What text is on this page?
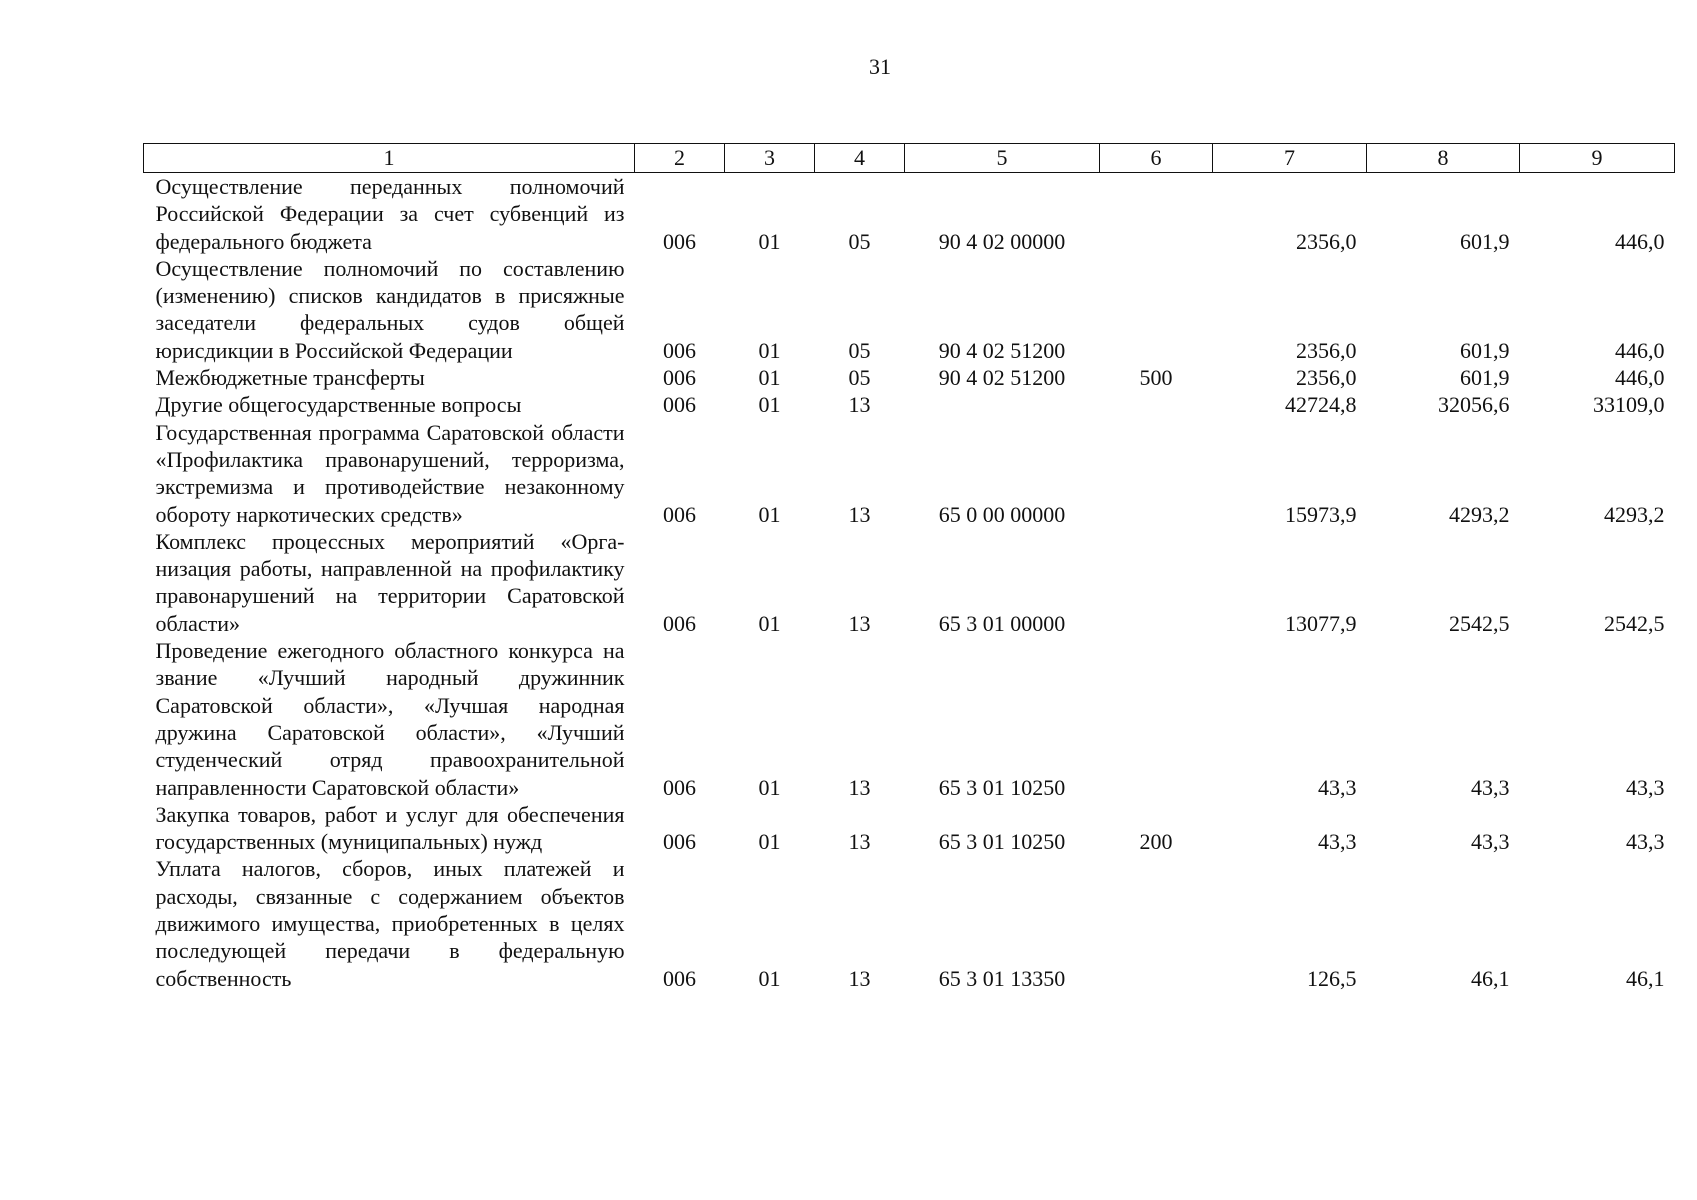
31
1	2	3	4	5	6	7	8	9
Осуществление переданных полномочий Российской Федерации за счет субвенций из федерального бюджета	006	01	05	90 4 02 00000		2356,0	601,9	446,0
Осуществление полномочий по составлению (изменению) списков кандидатов в присяжные заседатели федеральных судов общей юрисдикции в Российской Федерации	006	01	05	90 4 02 51200		2356,0	601,9	446,0
Межбюджетные трансферты	006	01	05	90 4 02 51200	500	2356,0	601,9	446,0
Другие общегосударственные вопросы	006	01	13			42724,8	32056,6	33109,0
Государственная программа Саратовской области «Профилактика правонарушений, терроризма, экстремизма и противодействие незаконному обороту наркотических средств»	006	01	13	65 0 00 00000		15973,9	4293,2	4293,2
Комплекс процессных мероприятий «Организация работы, направленной на профилактику правонарушений на территории Саратовской области»	006	01	13	65 3 01 00000		13077,9	2542,5	2542,5
Проведение ежегодного областного конкурса на звание «Лучший народный дружинник Саратовской области», «Лучшая народная дружина Саратовской области», «Лучший студенческий отряд правоохранительной направленности Саратовской области»	006	01	13	65 3 01 10250		43,3	43,3	43,3
Закупка товаров, работ и услуг для обеспечения государственных (муниципальных) нужд	006	01	13	65 3 01 10250	200	43,3	43,3	43,3
Уплата налогов, сборов, иных платежей и расходы, связанные с содержанием объектов движимого имущества, приобретенных в целях последующей передачи в федеральную собственность	006	01	13	65 3 01 13350		126,5	46,1	46,1
